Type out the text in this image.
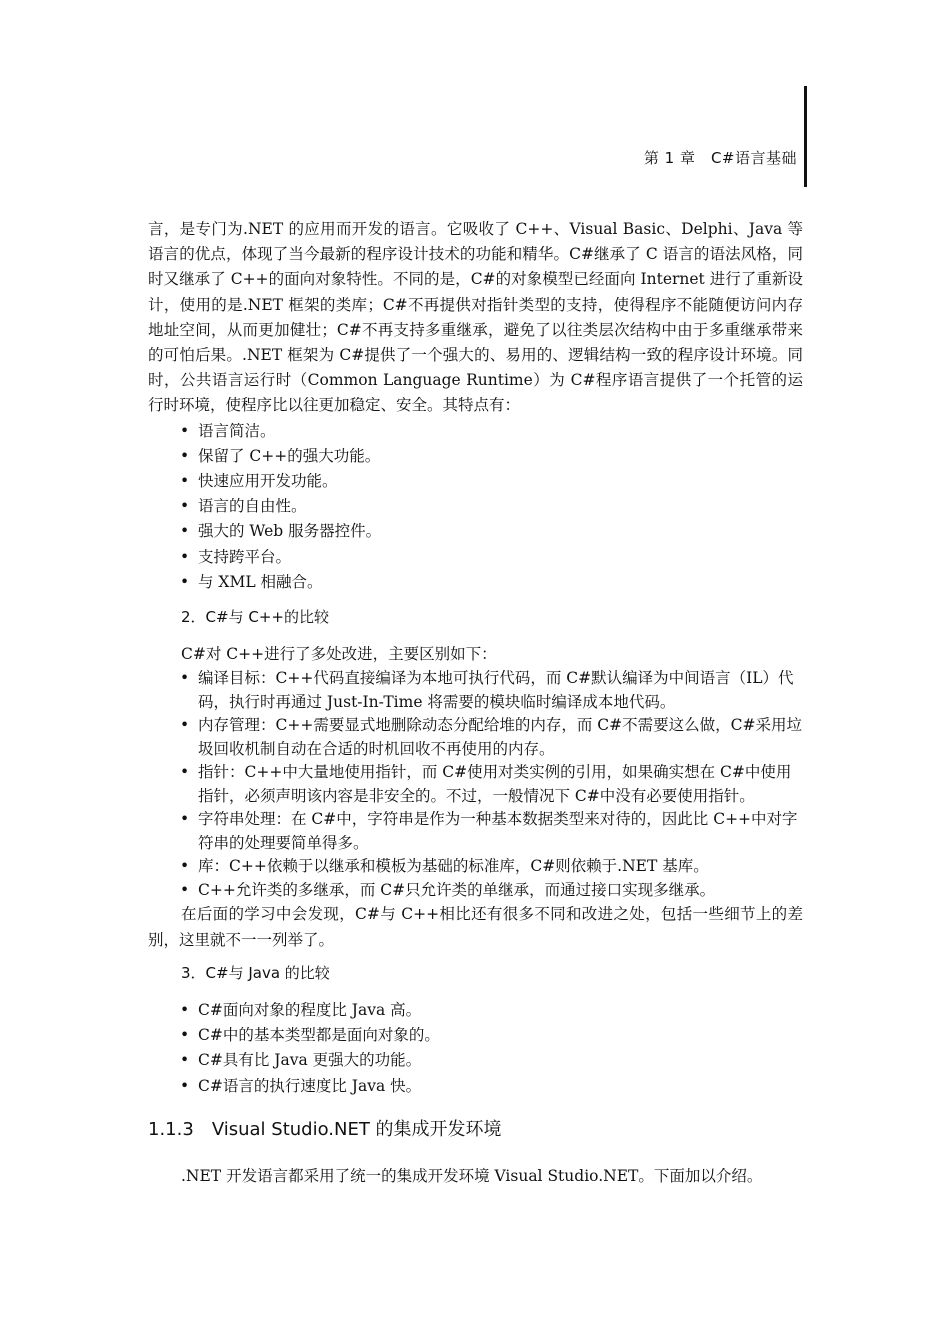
第 1 章　C#语言基础

言，是专门为.NET 的应用而开发的语言。它吸收了 C++、Visual Basic、Delphi、Java 等语言的优点，体现了当今最新的程序设计技术的功能和精华。C#继承了 C 语言的语法风格，同时又继承了 C++的面向对象特性。不同的是，C#的对象模型已经面向 Internet 进行了重新设计，使用的是.NET 框架的类库；C#不再提供对指针类型的支持，使得程序不能随便访问内存地址空间，从而更加健壮；C#不再支持多重继承，避免了以往类层次结构中由于多重继承带来的可怕后果。.NET 框架为 C#提供了一个强大的、易用的、逻辑结构一致的程序设计环境。同时，公共语言运行时（Common Language Runtime）为 C#程序语言提供了一个托管的运行时环境，使程序比以往更加稳定、安全。其特点有：

• 语言简洁。
• 保留了 C++的强大功能。
• 快速应用开发功能。
• 语言的自由性。
• 强大的 Web 服务器控件。
• 支持跨平台。
• 与 XML 相融合。
2．C#与 C++的比较

C#对 C++进行了多处改进，主要区别如下：

• 编译目标：C++代码直接编译为本地可执行代码，而 C#默认编译为中间语言（IL）代码，执行时再通过 Just-In-Time 将需要的模块临时编译成本地代码。
• 内存管理：C++需要显式地删除动态分配给堆的内存，而 C#不需要这么做，C#采用垃圾回收机制自动在合适的时机回收不再使用的内存。
• 指针：C++中大量地使用指针，而 C#使用对类实例的引用，如果确实想在 C#中使用指针，必须声明该内容是非安全的。不过，一般情况下 C#中没有必要使用指针。
• 字符串处理：在 C#中，字符串是作为一种基本数据类型来对待的，因此比 C++中对字符串的处理要简单得多。
• 库：C++依赖于以继承和模板为基础的标准库，C#则依赖于.NET 基库。
• C++允许类的多继承，而 C#只允许类的单继承，而通过接口实现多继承。

在后面的学习中会发现，C#与 C++相比还有很多不同和改进之处，包括一些细节上的差别，这里就不一一列举了。

3．C#与 Java 的比较
• C#面向对象的程度比 Java 高。
• C#中的基本类型都是面向对象的。
• C#具有比 Java 更强大的功能。
• C#语言的执行速度比 Java 快。
1.1.3 Visual Studio.NET 的集成开发环境

.NET 开发语言都采用了统一的集成开发环境 Visual Studio.NET。下面加以介绍。
